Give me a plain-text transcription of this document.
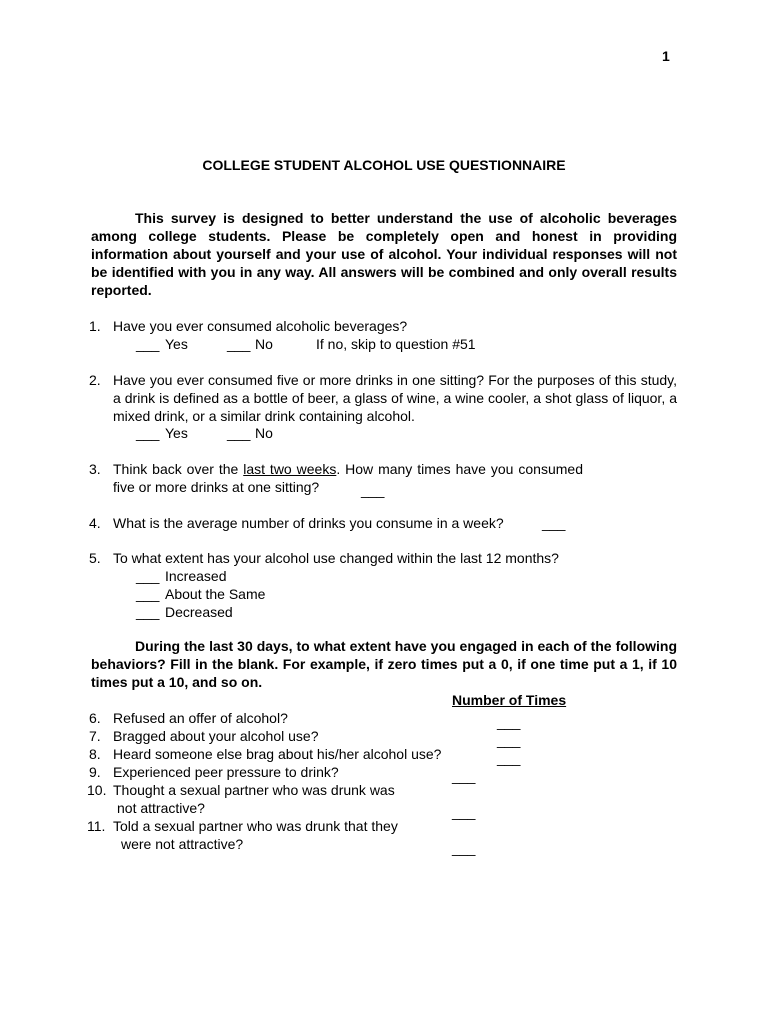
1
COLLEGE STUDENT ALCOHOL USE QUESTIONNAIRE
This survey is designed to better understand the use of alcoholic beverages among college students. Please be completely open and honest in providing information about yourself and your use of alcohol. Your individual responses will not be identified with you in any way. All answers will be combined and only overall results reported.
1. Have you ever consumed alcoholic beverages?
___ Yes	___ No	If no, skip to question #51
2. Have you ever consumed five or more drinks in one sitting? For the purposes of this study, a drink is defined as a bottle of beer, a glass of wine, a wine cooler, a shot glass of liquor, a mixed drink, or a similar drink containing alcohol.
___ Yes	___ No
3. Think back over the last two weeks. How many times have you consumed five or more drinks at one sitting?	___
4. What is the average number of drinks you consume in a week?	___
5. To what extent has your alcohol use changed within the last 12 months?
___ Increased
___ About the Same
___ Decreased
During the last 30 days, to what extent have you engaged in each of the following behaviors? Fill in the blank. For example, if zero times put a 0, if one time put a 1, if 10 times put a 10, and so on.
Number of Times
6. Refused an offer of alcohol?	___
7. Bragged about your alcohol use?	___
8. Heard someone else brag about his/her alcohol use?	___
9. Experienced peer pressure to drink?	___
10. Thought a sexual partner who was drunk was
not attractive?	___
11. Told a sexual partner who was drunk that they
were not attractive?	___
